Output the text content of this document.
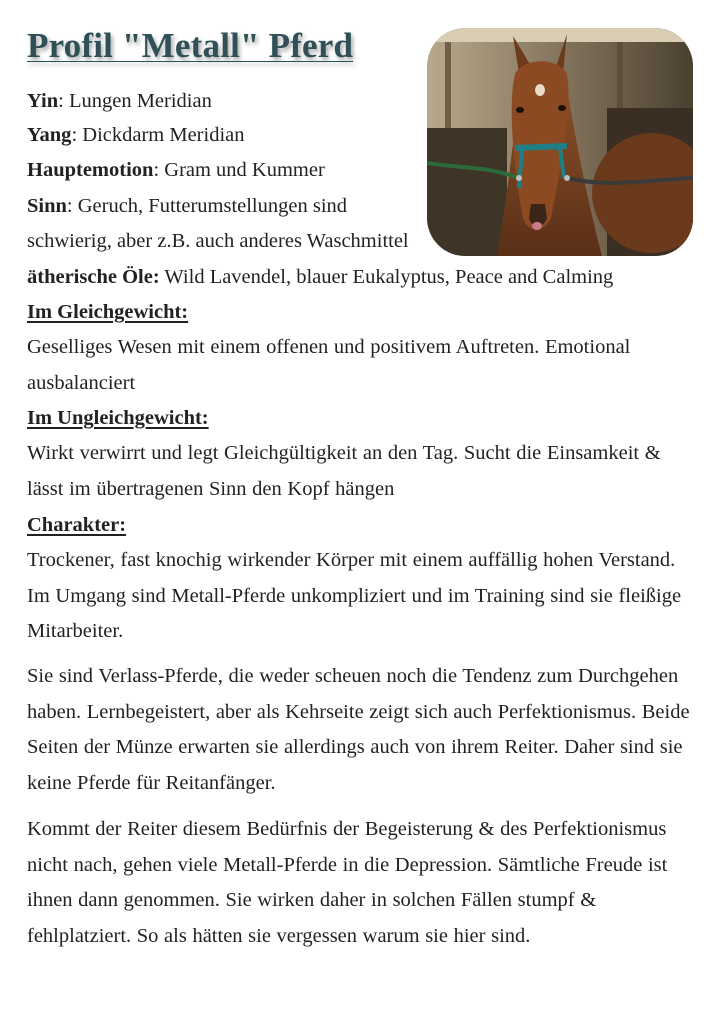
Profil "Metall" Pferd

Yin: Lungen Meridian

Yang: Dickdarm Meridian

Hauptemotion: Gram und Kummer

Sinn: Geruch, Futterumstellungen sind

schwierig, aber z.B. auch anderes Waschmittel

ätherische Öle: Wild Lavendel, blauer Eukalyptus, Peace and Calming

Im Gleichgewicht:

Geselliges Wesen mit einem offenen und positivem Auftreten. Emotional ausbalanciert

Im Ungleichgewicht:

Wirkt verwirrt und legt Gleichgültigkeit an den Tag. Sucht die Einsamkeit & lässt im übertragenen Sinn den Kopf hängen

Charakter:

Trockener, fast knochig wirkender Körper mit einem auffällig hohen Verstand. Im Umgang sind Metall-Pferde unkompliziert und im Training sind sie fleißige Mitarbeiter.

Sie sind Verlass-Pferde, die weder scheuen noch die Tendenz zum Durchgehen haben. Lernbegeistert, aber als Kehrseite zeigt sich auch Perfektionismus. Beide Seiten der Münze erwarten sie allerdings auch von ihrem Reiter. Daher sind sie keine Pferde für Reitanfänger.

Kommt der Reiter diesem Bedürfnis der Begeisterung & des Perfektionismus nicht nach, gehen viele Metall-Pferde in die Depression. Sämtliche Freude ist ihnen dann genommen. Sie wirken daher in solchen Fällen stumpf & fehlplatziert. So als hätten sie vergessen warum sie hier sind.
